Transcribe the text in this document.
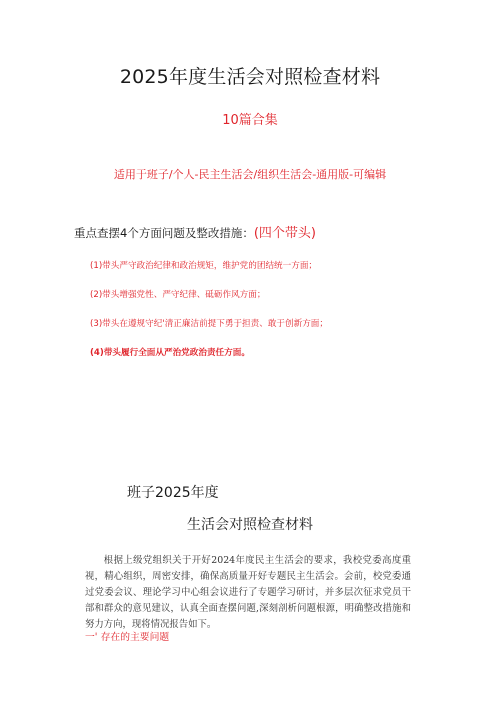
2025年度生活会对照检查材料
10篇合集
适用于班子/个人-民主生活会/组织生活会-通用版-可编辑
重点查摆4个方面问题及整改措施：(四个带头)
(1)带头严守政治纪律和政治规矩，维护党的团结统一方面；
(2)带头增强党性、严守纪律、砥砺作风方面；
(3)带头在遵规守纪'清正廉洁前提下勇于担责、敢于创新方面；
(4)带头履行全面从严治党政治责任方面。
班子2025年度
生活会对照检查材料

根据上级党组织关于开好2024年度民主生活会的要求，我校党委高度重视，精心组织，周密安排，确保高质量开好专题民主生活会。会前，校党委通过党委会议、理论学习中心组会议进行了专题学习研讨，并多层次征求党员干部和群众的意见建议，认真全面查摆问题,深刻剖析问题根源，明确整改措施和努力方向，现将情况报告如下。

一' 存在的主要问题
